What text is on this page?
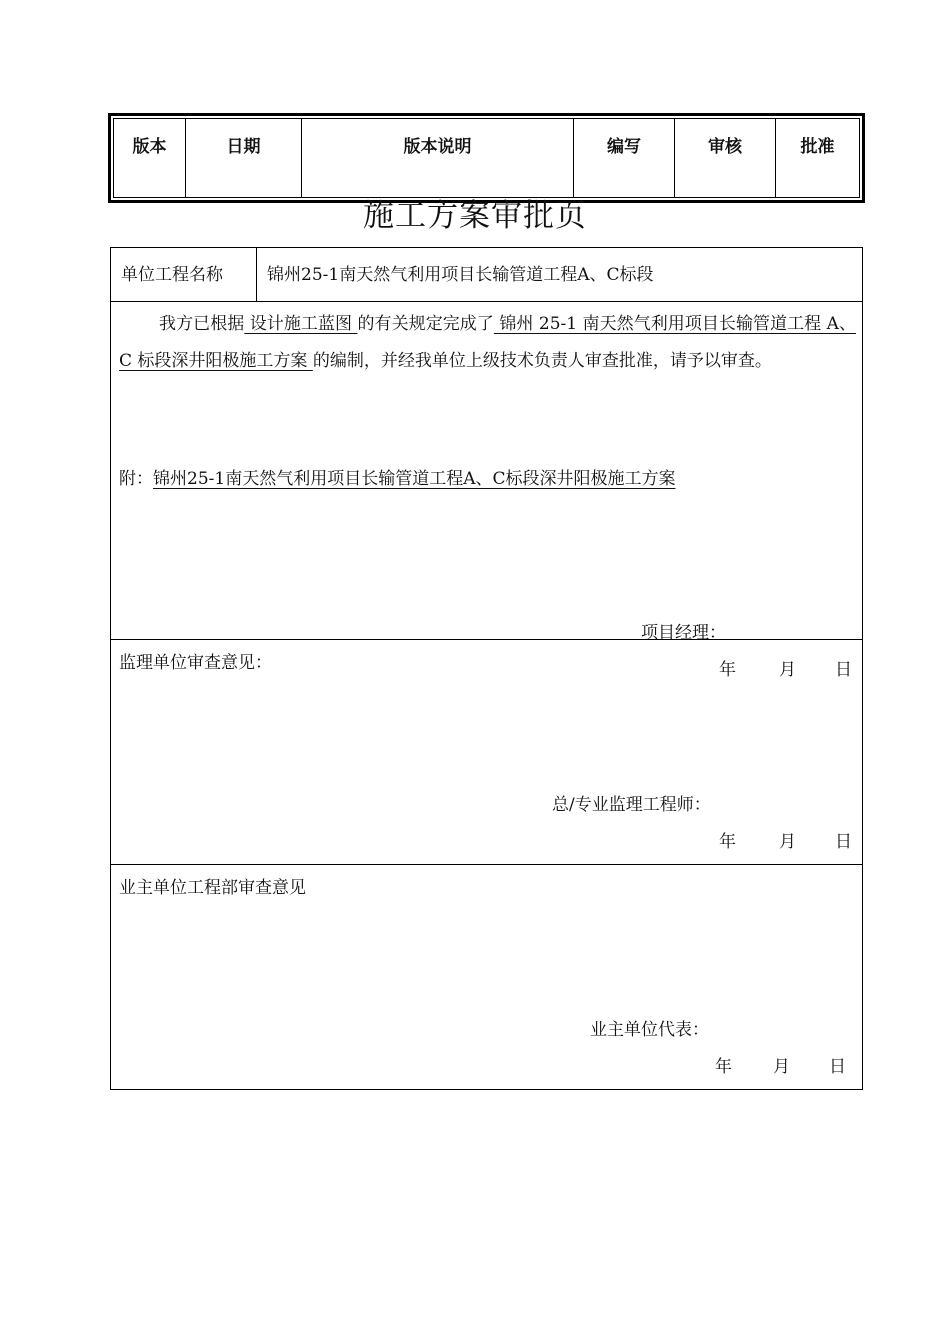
版本	日期	版本说明	编写	审核	批准
施工方案审批页
单位工程名称	锦州25-1南天然气利用项目长输管道工程A、C标段
我方已根据 设计施工蓝图 的有关规定完成了 锦州 25-1 南天然气利用项目长输管道工程 A、C 标段深井阳极施工方案 的编制，并经我单位上级技术负责人审查批准，请予以审查。
附：锦州25-1南天然气利用项目长输管道工程A、C标段深井阳极施工方案
项目经理：
年	月	日
监理单位审查意见：
总/专业监理工程师：
年	月	日
业主单位工程部审查意见
业主单位代表：
年	月	日
